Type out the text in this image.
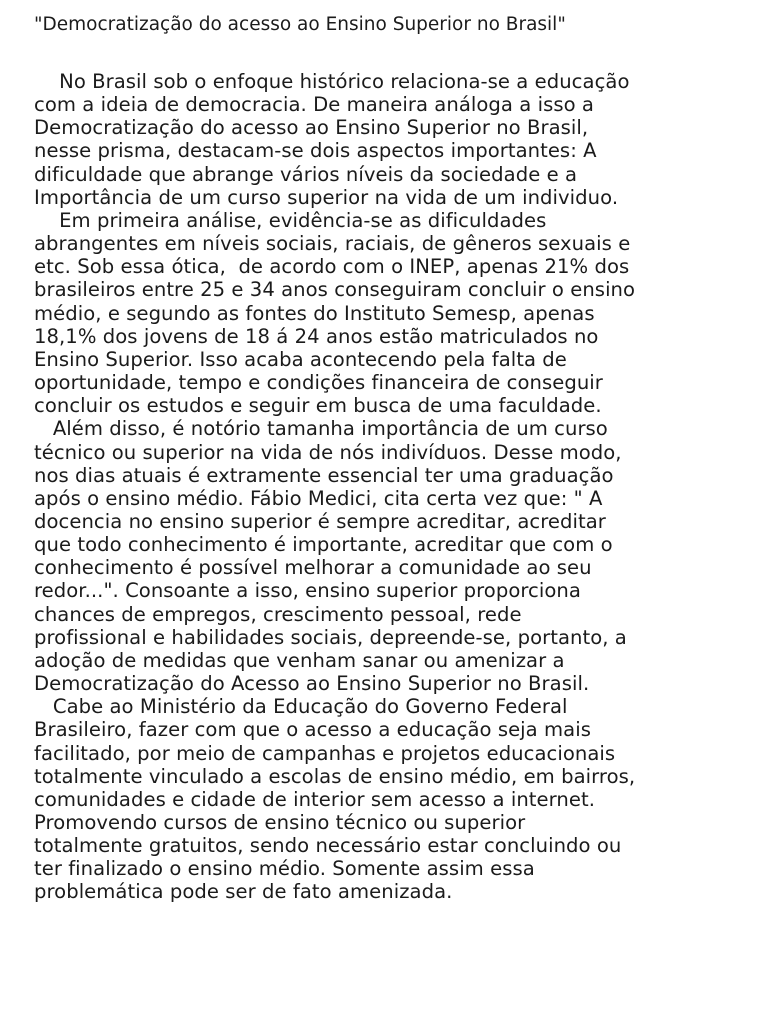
"Democratização do acesso ao Ensino Superior no Brasil"
No Brasil sob o enfoque histórico relaciona-se a educação
com a ideia de democracia. De maneira análoga a isso a
Democratização do acesso ao Ensino Superior no Brasil,
nesse prisma, destacam-se dois aspectos importantes: A
dificuldade que abrange vários níveis da sociedade e a
Importância de um curso superior na vida de um individuo.
Em primeira análise, evidência-se as dificuldades
abrangentes em níveis sociais, raciais, de gêneros sexuais e
etc. Sob essa ótica,  de acordo com o INEP, apenas 21% dos
brasileiros entre 25 e 34 anos conseguiram concluir o ensino
médio, e segundo as fontes do Instituto Semesp, apenas
18,1% dos jovens de 18 á 24 anos estão matriculados no
Ensino Superior. Isso acaba acontecendo pela falta de
oportunidade, tempo e condições financeira de conseguir
concluir os estudos e seguir em busca de uma faculdade.
Além disso, é notório tamanha importância de um curso
técnico ou superior na vida de nós indivíduos. Desse modo,
nos dias atuais é extramente essencial ter uma graduação
após o ensino médio. Fábio Medici, cita certa vez que: " A
docencia no ensino superior é sempre acreditar, acreditar
que todo conhecimento é importante, acreditar que com o
conhecimento é possível melhorar a comunidade ao seu
redor...". Consoante a isso, ensino superior proporciona
chances de empregos, crescimento pessoal, rede
profissional e habilidades sociais, depreende-se, portanto, a
adoção de medidas que venham sanar ou amenizar a
Democratização do Acesso ao Ensino Superior no Brasil.
Cabe ao Ministério da Educação do Governo Federal
Brasileiro, fazer com que o acesso a educação seja mais
facilitado, por meio de campanhas e projetos educacionais
totalmente vinculado a escolas de ensino médio, em bairros,
comunidades e cidade de interior sem acesso a internet.
Promovendo cursos de ensino técnico ou superior
totalmente gratuitos, sendo necessário estar concluindo ou
ter finalizado o ensino médio. Somente assim essa
problemática pode ser de fato amenizada.
